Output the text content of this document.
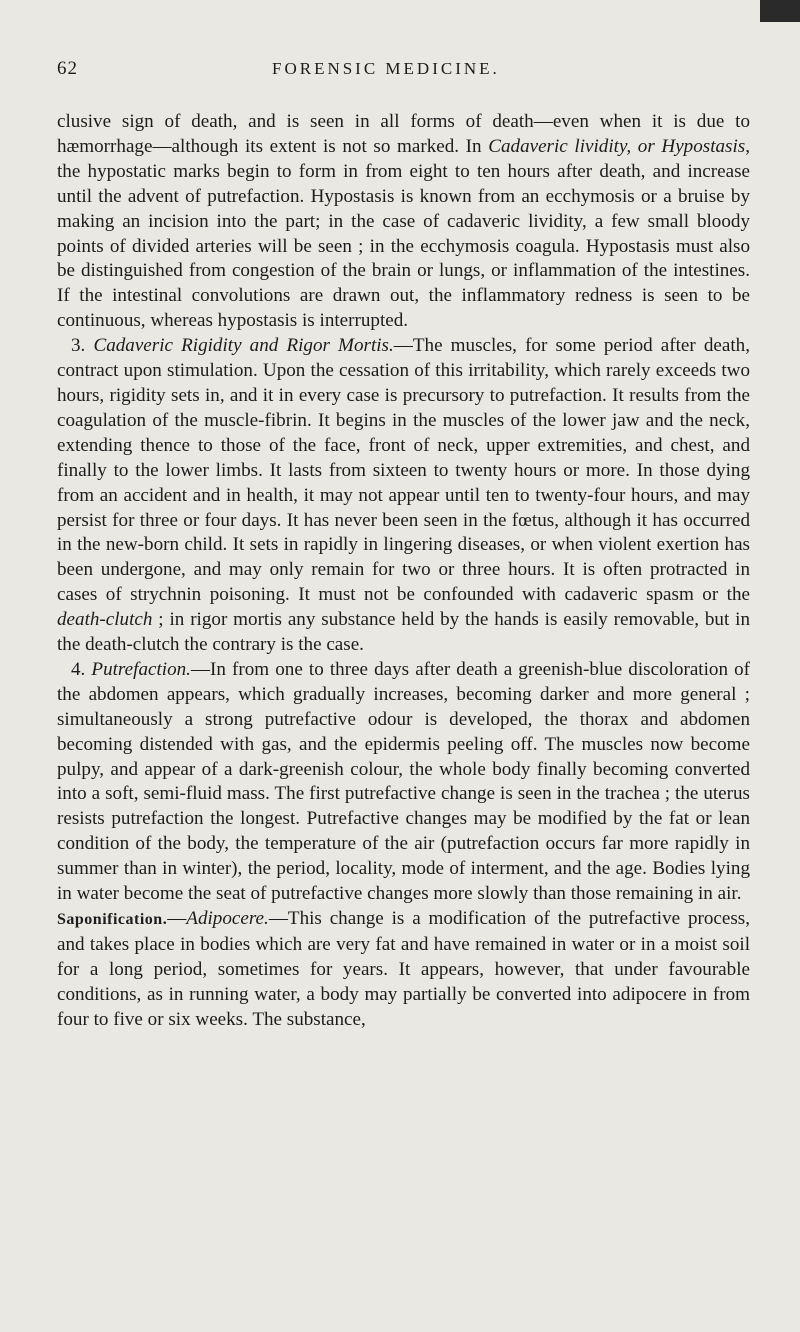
62	FORENSIC MEDICINE.

clusive sign of death, and is seen in all forms of death—even when it is due to hæmorrhage—although its extent is not so marked. In Cadaveric lividity, or Hypostasis, the hypostatic marks begin to form in from eight to ten hours after death, and increase until the advent of putrefaction. Hypostasis is known from an ecchymosis or a bruise by making an incision into the part; in the case of cadaveric lividity, a few small bloody points of divided arteries will be seen ; in the ecchymosis coagula. Hypostasis must also be distinguished from congestion of the brain or lungs, or inflammation of the intestines. If the intestinal convolutions are drawn out, the inflammatory redness is seen to be continuous, whereas hypostasis is interrupted.

3. Cadaveric Rigidity and Rigor Mortis.—The muscles, for some period after death, contract upon stimulation. Upon the cessation of this irritability, which rarely exceeds two hours, rigidity sets in, and it in every case is precursory to putrefaction. It results from the coagulation of the muscle-fibrin. It begins in the muscles of the lower jaw and the neck, extending thence to those of the face, front of neck, upper extremities, and chest, and finally to the lower limbs. It lasts from sixteen to twenty hours or more. In those dying from an accident and in health, it may not appear until ten to twenty-four hours, and may persist for three or four days. It has never been seen in the fœtus, although it has occurred in the new-born child. It sets in rapidly in lingering diseases, or when violent exertion has been undergone, and may only remain for two or three hours. It is often protracted in cases of strychnin poisoning. It must not be confounded with cadaveric spasm or the death-clutch ; in rigor mortis any substance held by the hands is easily removable, but in the death-clutch the contrary is the case.

4. Putrefaction.—In from one to three days after death a greenish-blue discoloration of the abdomen appears, which gradually increases, becoming darker and more general ; simultaneously a strong putrefactive odour is developed, the thorax and abdomen becoming distended with gas, and the epidermis peeling off. The muscles now become pulpy, and appear of a dark-greenish colour, the whole body finally becoming converted into a soft, semi-fluid mass. The first putrefactive change is seen in the trachea ; the uterus resists putrefaction the longest. Putrefactive changes may be modified by the fat or lean condition of the body, the temperature of the air (putrefaction occurs far more rapidly in summer than in winter), the period, locality, mode of interment, and the age. Bodies lying in water become the seat of putrefactive changes more slowly than those remaining in air.

Saponification.—Adipocere.—This change is a modification of the putrefactive process, and takes place in bodies which are very fat and have remained in water or in a moist soil for a long period, sometimes for years. It appears, however, that under favourable conditions, as in running water, a body may partially be converted into adipocere in from four to five or six weeks. The substance,
